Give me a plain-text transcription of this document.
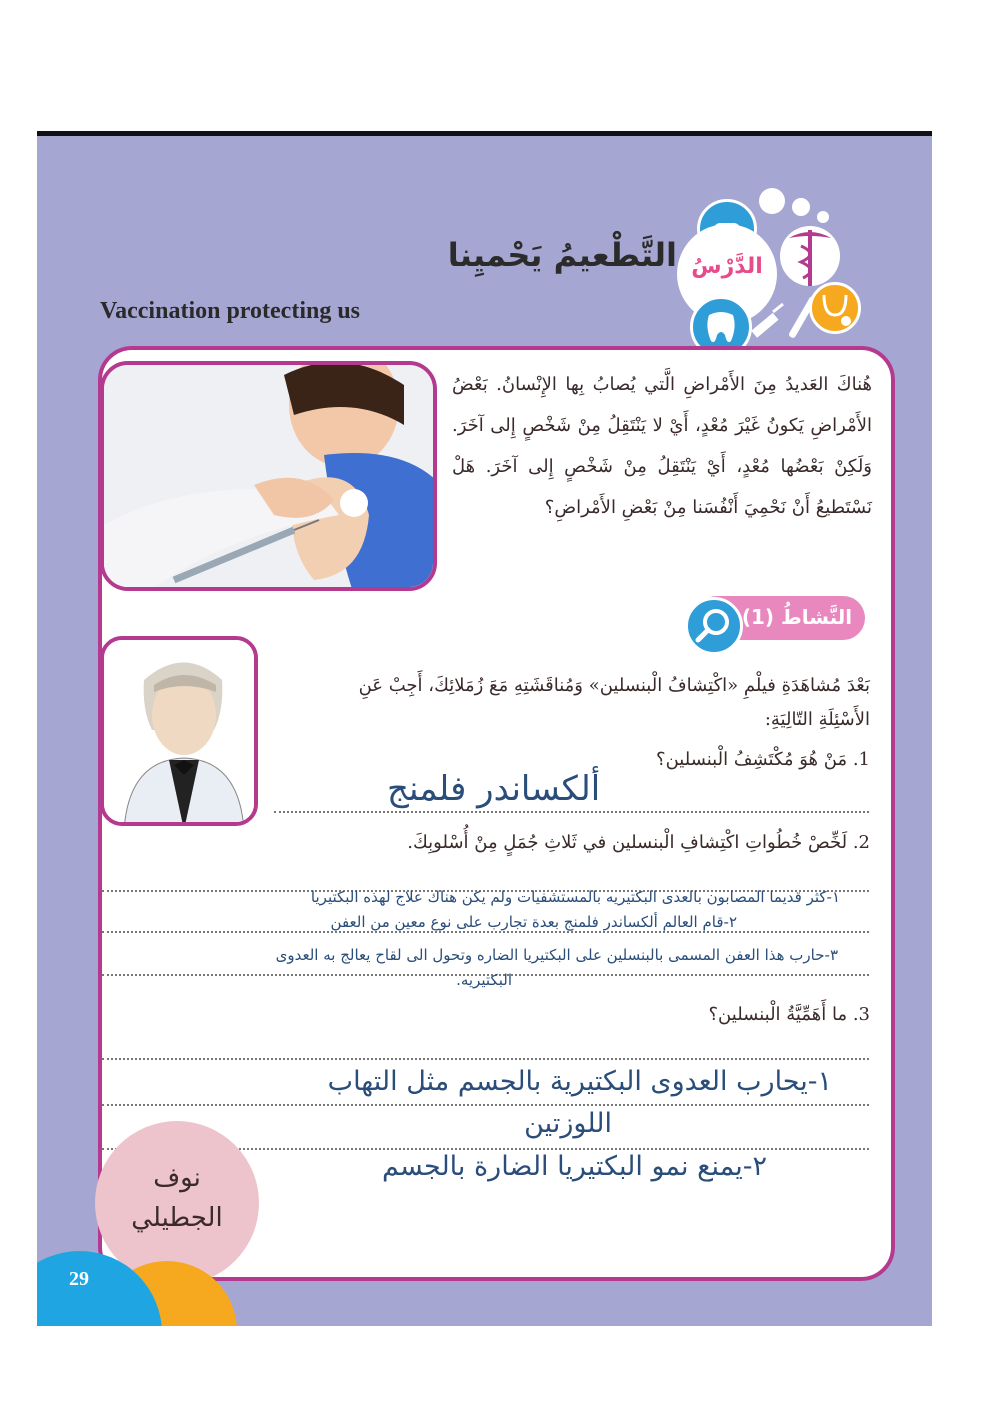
الدَّرْسُ
التَّطْعيمُ يَحْميِنا
Vaccination protecting us
هُناكَ العَديدُ مِنَ الأَمْراضِ الَّتي يُصابُ بِها الإِنْسانُ. بَعْضُ الأَمْراضِ يَكونُ غَيْرَ مُعْدٍ، أَيْ لا يَنْتَقِلُ مِنْ شَخْصٍ إِلى آخَرَ. وَلَكِنْ بَعْضُها مُعْدٍ، أَيْ يَنْتَقِلُ مِنْ شَخْصٍ إِلى آخَرَ. هَلْ نَسْتَطيعُ أَنْ نَحْمِيَ أَنْفُسَنا مِنْ بَعْضِ الأَمْراضِ؟
النَّشاطُ (1)
بَعْدَ مُشاهَدَةِ فيلْمِ «اكْتِشافُ الْبنسلين» وَمُناقَشَتِهِ مَعَ زُمَلائِكَ، أَجِبْ عَنِ الأَسْئِلَةِ التّالِيَةِ:
1. مَنْ هُوَ مُكْتَشِفُ الْبنسلين؟
ألكساندر فلمنج
2. لَخِّصْ خُطُواتِ اكْتِشافِ الْبنسلين في ثَلاثِ جُمَلٍ مِنْ أُسْلوبِكَ.
١-كثر قديما المصابون بالعدى البكتيريه بالمستشفيات ولم يكن هناك علاج لهذه البكتيريا
٢-قام العالم ألكساندر فلمنج بعدة تجارب على نوع معين من العفن
٣-حارب هذا العفن المسمى بالبنسلين على البكتيريا الضاره وتحول الى لقاح يعالج به العدوى
البكتيريه.
3. ما أَهَمِّيَّةُ الْبنسلين؟
١-يحارب العدوى البكتيرية بالجسم مثل التهاب
اللوزتين
٢-يمنع نمو البكتيريا الضارة بالجسم
نوف
الجطيلي
29
